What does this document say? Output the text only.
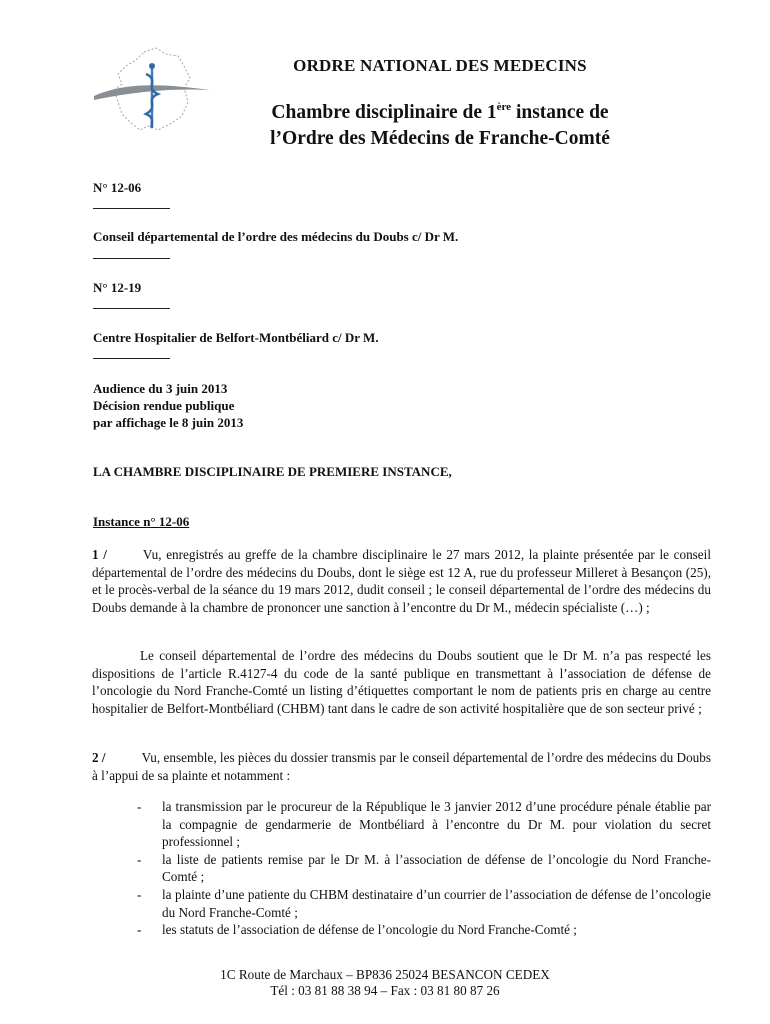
ORDRE NATIONAL DES MEDECINS
Chambre disciplinaire de 1ère instance de
l’Ordre des Médecins de Franche-Comté
N° 12-06
Conseil départemental de l’ordre des médecins du Doubs c/ Dr M.
N° 12-19
Centre Hospitalier de Belfort-Montbéliard c/ Dr M.
Audience du 3 juin 2013
Décision rendue publique
par affichage le 8 juin 2013
LA CHAMBRE DISCIPLINAIRE DE PREMIERE INSTANCE,
Instance n° 12-06
1 /	Vu, enregistrés au greffe de la chambre disciplinaire le 27 mars 2012, la plainte présentée par le conseil départemental de l’ordre des médecins du Doubs, dont le siège est 12 A, rue du professeur Milleret à Besançon (25), et le procès-verbal de la séance du 19 mars 2012, dudit conseil ; le conseil départemental de l’ordre des médecins du Doubs demande à la chambre de prononcer une sanction à l’encontre du Dr M., médecin spécialiste (…) ;
Le conseil départemental de l’ordre des médecins du Doubs soutient que le Dr M. n’a pas respecté les dispositions de l’article R.4127-4 du code de la santé publique en transmettant à l’association de défense de l’oncologie du Nord Franche-Comté un listing d’étiquettes comportant le nom de patients pris en charge au centre hospitalier de Belfort-Montbéliard (CHBM) tant dans le cadre de son activité hospitalière que de son secteur privé ;
2 /	Vu, ensemble, les pièces du dossier transmis par le conseil départemental de l’ordre des médecins du Doubs à l’appui de sa plainte et notamment :
- la transmission par le procureur de la République le 3 janvier 2012 d’une procédure pénale établie par la compagnie de gendarmerie de Montbéliard à l’encontre du Dr M. pour violation du secret professionnel ;
- la liste de patients remise par le Dr M. à l’association de défense de l’oncologie du Nord Franche-Comté ;
- la plainte d’une patiente du CHBM destinataire d’un courrier de l’association de défense de l’oncologie du Nord Franche-Comté ;
- les statuts de l’association de défense de l’oncologie du Nord Franche-Comté ;
1C Route de Marchaux – BP836 25024 BESANCON CEDEX
Tél : 03 81 88 38 94 – Fax : 03 81 80 87 26
